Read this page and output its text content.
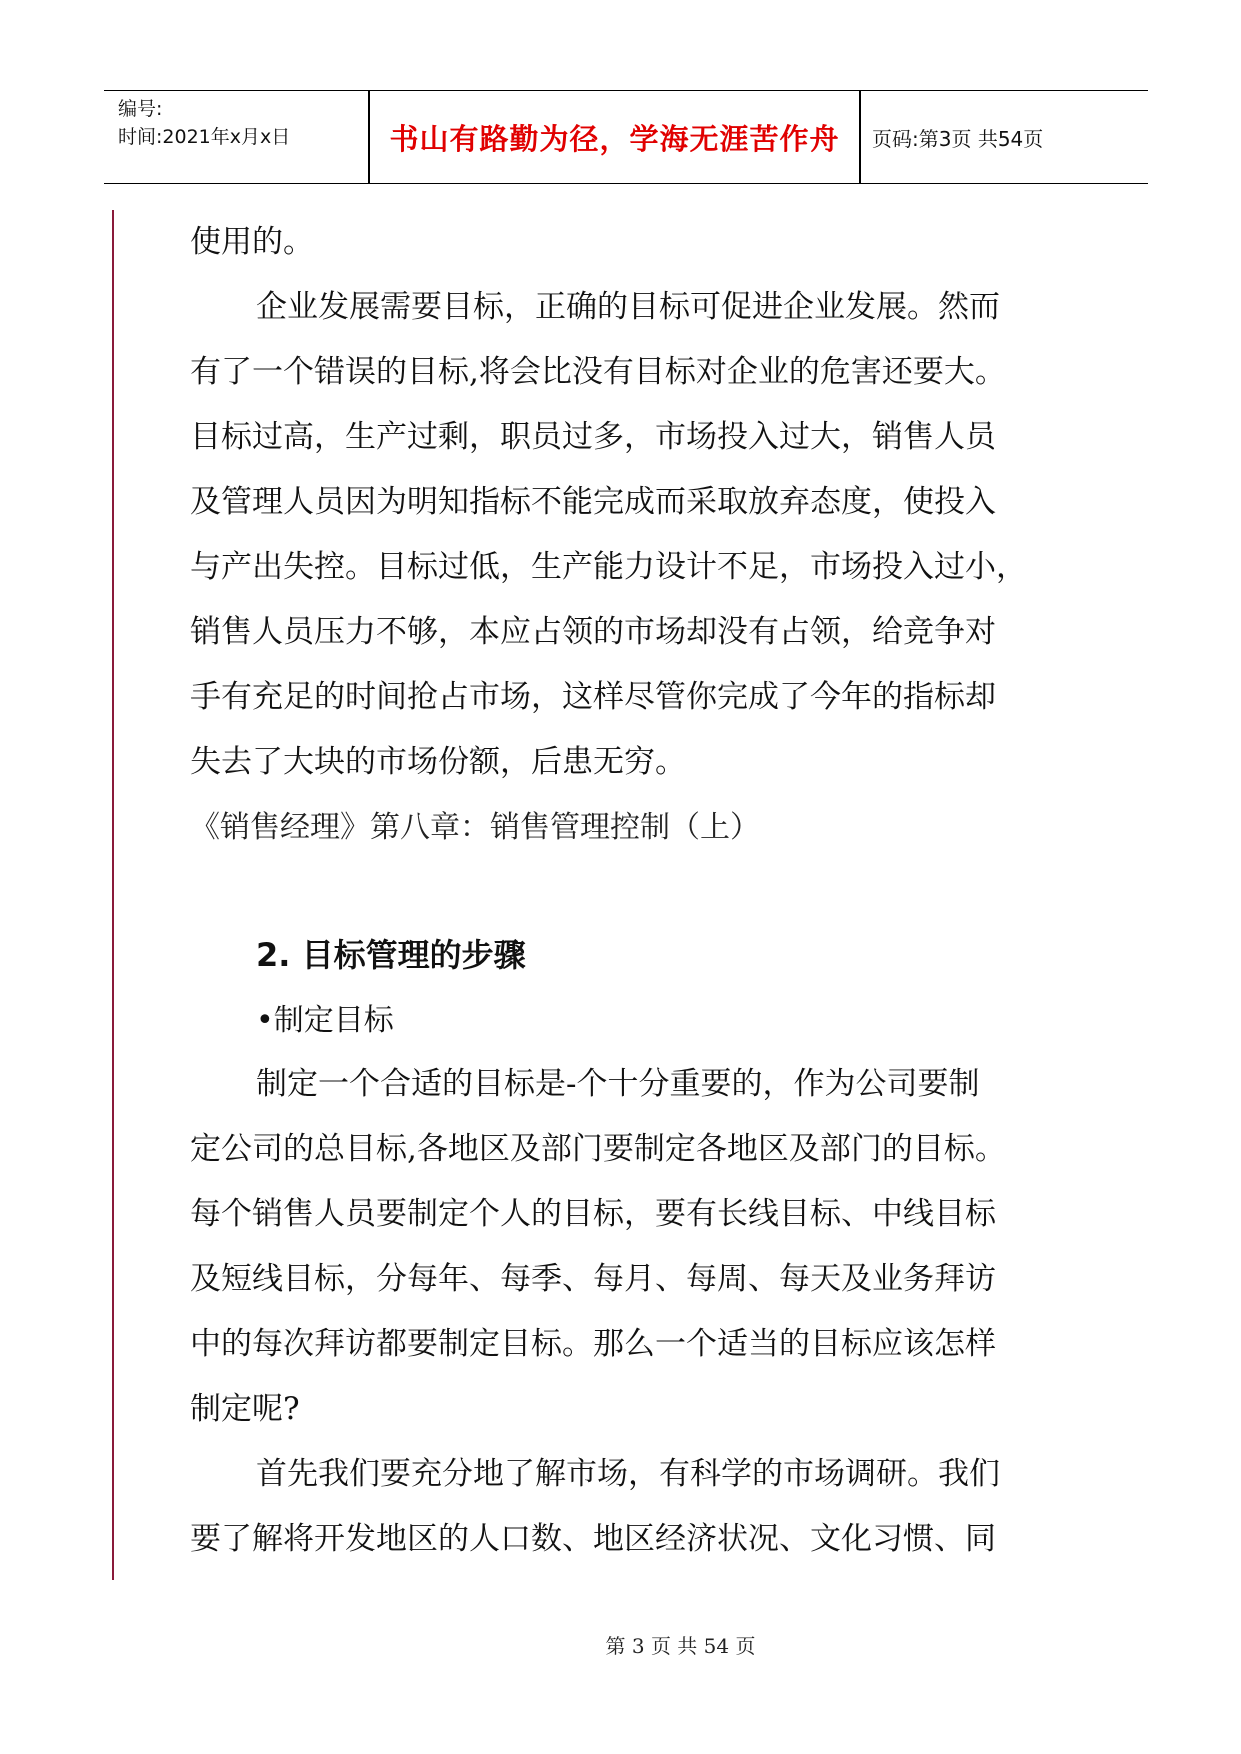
编号:
时间:2021年x月x日	书山有路勤为径，学海无涯苦作舟	页码:第3页 共54页
使用的。
企业发展需要目标，正确的目标可促进企业发展。然而
有了一个错误的目标,将会比没有目标对企业的危害还要大。
目标过高，生产过剩，职员过多，市场投入过大，销售人员
及管理人员因为明知指标不能完成而采取放弃态度，使投入
与产出失控。目标过低，生产能力设计不足，市场投入过小，
销售人员压力不够，本应占领的市场却没有占领，给竞争对
手有充足的时间抢占市场，这样尽管你完成了今年的指标却
失去了大块的市场份额，后患无穷。
《销售经理》第八章：销售管理控制（上）
2. 目标管理的步骤
•制定目标
制定一个合适的目标是-个十分重要的，作为公司要制
定公司的总目标,各地区及部门要制定各地区及部门的目标。
每个销售人员要制定个人的目标，要有长线目标、中线目标
及短线目标，分每年、每季、每月、每周、每天及业务拜访
中的每次拜访都要制定目标。那么一个适当的目标应该怎样
制定呢?
首先我们要充分地了解市场，有科学的市场调研。我们
要了解将开发地区的人口数、地区经济状况、文化习惯、同
第 3 页 共 54 页
